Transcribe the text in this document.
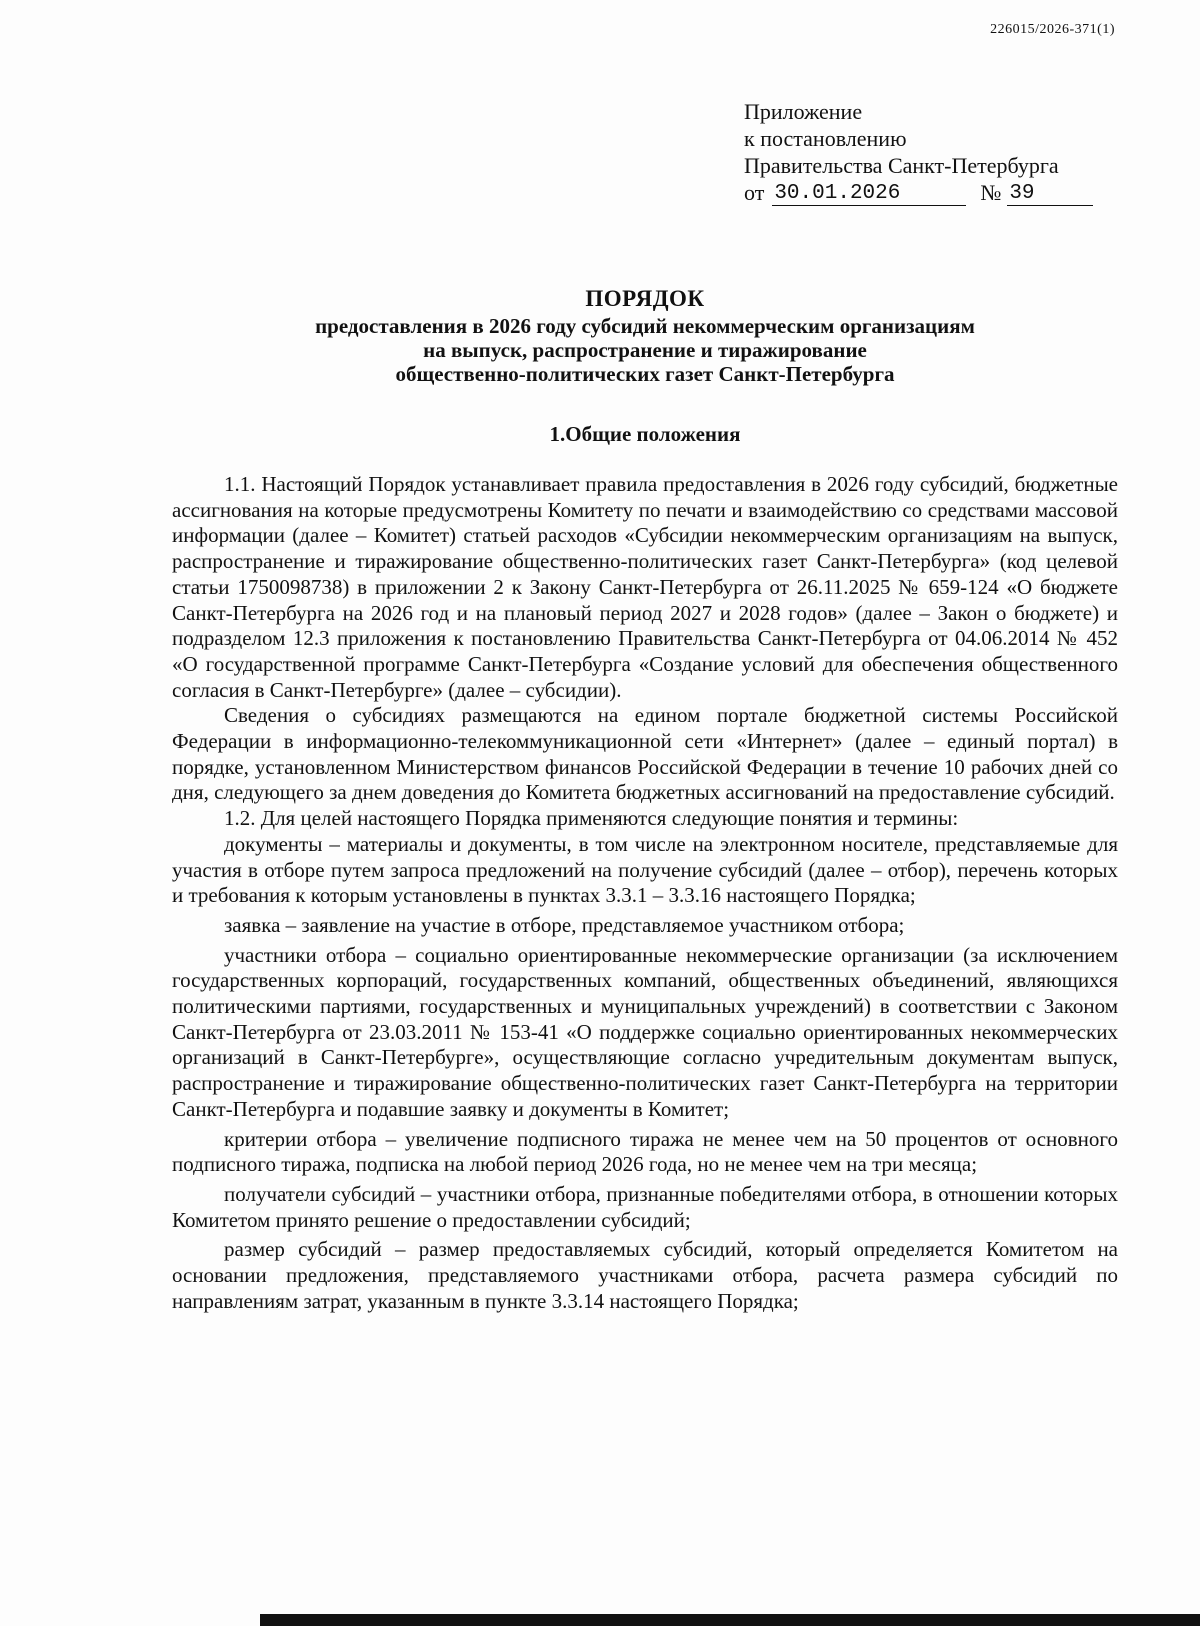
226015/2026-371(1)
Приложение
к постановлению
Правительства Санкт-Петербурга
от 30.01.2026	№ 39
ПОРЯДОК
предоставления в 2026 году субсидий некоммерческим организациям
на выпуск, распространение и тиражирование
общественно-политических газет Санкт-Петербурга
1.Общие положения

1.1. Настоящий Порядок устанавливает правила предоставления в 2026 году субсидий, бюджетные ассигнования на которые предусмотрены Комитету по печати и взаимодействию со средствами массовой информации (далее – Комитет) статьей расходов «Субсидии некоммерческим организациям на выпуск, распространение и тиражирование общественно-политических газет Санкт-Петербурга» (код целевой статьи 1750098738) в приложении 2 к Закону Санкт-Петербурга от 26.11.2025 № 659-124 «О бюджете Санкт-Петербурга на 2026 год и на плановый период 2027 и 2028 годов» (далее – Закон о бюджете) и подразделом 12.3 приложения к постановлению Правительства Санкт-Петербурга от 04.06.2014 № 452 «О государственной программе Санкт-Петербурга «Создание условий для обеспечения общественного согласия в Санкт-Петербурге» (далее – субсидии).

Сведения о субсидиях размещаются на едином портале бюджетной системы Российской Федерации в информационно-телекоммуникационной сети «Интернет» (далее – единый портал) в порядке, установленном Министерством финансов Российской Федерации в течение 10 рабочих дней со дня, следующего за днем доведения до Комитета бюджетных ассигнований на предоставление субсидий.

1.2. Для целей настоящего Порядка применяются следующие понятия и термины:

документы – материалы и документы, в том числе на электронном носителе, представляемые для участия в отборе путем запроса предложений на получение субсидий (далее – отбор), перечень которых и требования к которым установлены в пунктах 3.3.1 – 3.3.16 настоящего Порядка;

заявка – заявление на участие в отборе, представляемое участником отбора;

участники отбора – социально ориентированные некоммерческие организации (за исключением государственных корпораций, государственных компаний, общественных объединений, являющихся политическими партиями, государственных и муниципальных учреждений) в соответствии с Законом Санкт-Петербурга от 23.03.2011 № 153-41 «О поддержке социально ориентированных некоммерческих организаций в Санкт-Петербурге», осуществляющие согласно учредительным документам выпуск, распространение и тиражирование общественно-политических газет Санкт-Петербурга на территории Санкт-Петербурга и подавшие заявку и документы в Комитет;

критерии отбора – увеличение подписного тиража не менее чем на 50 процентов от основного подписного тиража, подписка на любой период 2026 года, но не менее чем на три месяца;

получатели субсидий – участники отбора, признанные победителями отбора, в отношении которых Комитетом принято решение о предоставлении субсидий;

размер субсидий – размер предоставляемых субсидий, который определяется Комитетом на основании предложения, представляемого участниками отбора, расчета размера субсидий по направлениям затрат, указанным в пункте 3.3.14 настоящего Порядка;
